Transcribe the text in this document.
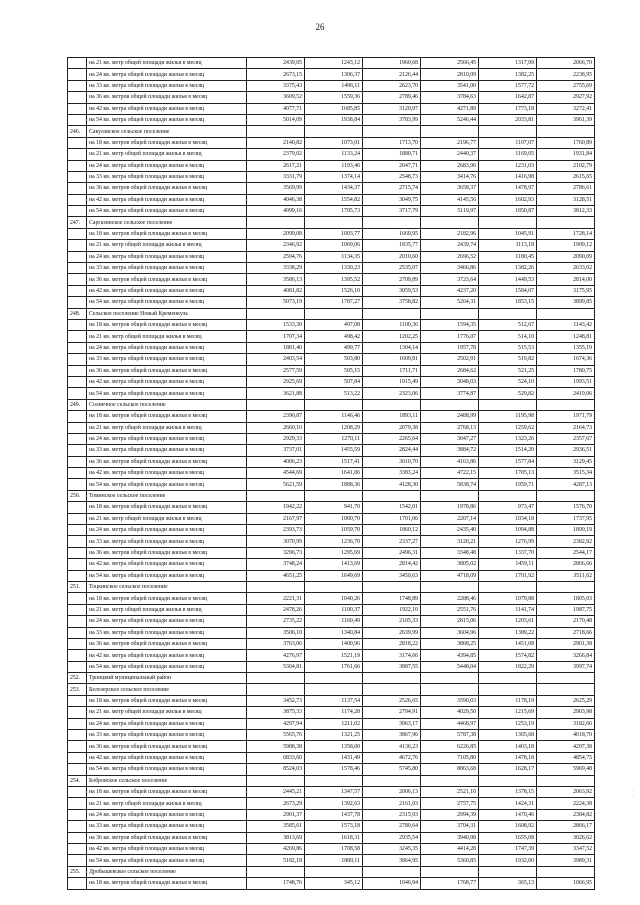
26
	на 21 кв. метр общей площади жилья в месяц	2439,05	1243,12	1960,68	2566,45	1317,09	2066,70
	на 24 кв. метра общей площади жилья в месяц	2673,15	1306,37	2126,44	2810,09	1382,25	2238,95
	на 33 кв. метра общей площади жилья в месяц	3375,43	1496,11	2623,70	3541,00	1577,72	2755,69
	на 36 кв. метров общей площади жилья в месяц	3609,52	1559,36	2789,46	3784,63	1642,87	2927,92
	на 42 кв. метра общей площади жилья в месяц	4077,71	1685,85	3120,97	4271,89	1773,18	3272,41
	на 54 кв. метра общей площади жилья в месяц	5014,09	1938,84	3783,99	5246,44	2033,81	3961,39
246.	Сакулэвское сельское поселение						
	на 18 кв. метров общей площади жилья в месяц	2140,82	1073,01	1713,70	2196,77	1107,07	1760,89
	на 21 кв. метр общей площади жилья в месяц	2379,02	1133,24	1880,71	2440,37	1169,05	1931,84
	на 24 кв. метра общей площади жилья в месяц	2617,21	1193,46	2047,71	2683,96	1231,03	2102,79
	на 33 кв. метра общей площади жилья в месяц	3331,79	1374,14	2548,73	3414,76	1416,98	2615,65
	на 36 кв. метров общей площади жилья в месяц	3569,99	1434,37	2715,74	3658,37	1478,97	2786,61
	на 42 кв. метра общей площади жилья в месяц	4046,38	1554,82	3049,75	4145,56	1602,93	3128,51
	на 54 кв. метра общей площади жилья в месяц	4999,16	1795,73	3717,79	5119,97	1850,87	3812,33
247.	Саргазинское сельское поселение						
	на 18 кв. метров общей площади жилья в месяц	2099,08	1003,77	1660,95	2182,96	1045,91	1728,14
	на 21 кв. метр общей площади жилья в месяц	2346,92	1069,06	1835,77	2439,74	1113,18	1909,12
	на 24 кв. метра общей площади жилья в месяц	2594,76	1134,35	2010,60	2696,52	1180,45	2090,09
	на 33 кв. метра общей площади жилья в месяц	3338,29	1330,23	2535,07	3466,86	1382,26	2633,02
	на 36 кв. метров общей площади жилья в месяц	3586,13	1395,52	2709,89	3723,64	1449,53	2814,00
	на 42 кв. метра общей площади жилья в месяц	4081,82	1526,10	3059,53	4237,20	1584,07	3175,95
	на 54 кв. метра общей площади жилья в месяц	5073,19	1787,27	3758,82	5264,31	1853,15	3899,85
248.	Сельское поселение Новый Кременкуль						
	на 18 кв. метров общей площади жилья в месяц	1533,30	497,08	1100,36	1594,35	512,67	1143,42
	на 21 кв. метр общей площади жилья в месяц	1707,34	498,42	1202,25	1776,07	514,10	1248,81
	на 24 кв. метра общей площади жилья в месяц	1881,40	499,77	1304,14	1957,78	515,53	1355,19
	на 33 кв. метра общей площади жилья в месяц	2403,54	503,80	1609,81	2502,91	519,82	1674,36
	на 36 кв. метров общей площади жилья в месяц	2577,59	505,15	1711,71	2684,62	521,25	1780,75
	на 42 кв. метра общей площади жилья в месяц	2925,69	507,84	1915,49	3048,03	524,10	1993,51
	на 54 кв. метра общей площади жилья в месяц	3621,88	513,22	2323,06	3774,87	529,82	2419,06
249.	Солнечное сельское поселение						
	на 18 кв. метров общей площади жилья в месяц	2390,87	1146,46	1893,11	2488,99	1195,98	1971,79
	на 21 кв. метр общей площади жилья в месяц	2660,10	1208,29	2079,38	2768,13	1259,62	2164,73
	на 24 кв. метра общей площади жилья в месяц	2929,33	1270,11	2265,64	3047,27	1323,26	2357,67
	на 33 кв. метра общей площади жилья в месяц	3737,01	1455,59	2824,44	3884,72	1514,20	2936,51
	на 36 кв. метров общей площади жилья в месяц	4006,23	1517,41	3010,70	4163,86	1577,84	3129,45
	на 42 кв. метра общей площади жилья в месяц	4544,69	1641,06	3383,24	4722,15	1705,13	3515,34
	на 54 кв. метра общей площади жилья в месяц	5621,59	1888,36	4128,30	5838,74	1959,71	4287,13
250.	Томинское сельское поселение						
	на 18 кв. метров общей площади жилья в месяц	1942,22	941,70	1542,01	1978,86	973,47	1576,70
	на 21 кв. метр общей площади жилья в месяц	2167,97	1000,70	1701,06	2207,14	1034,18	1737,95
	на 24 кв. метра общей площади жилья в месяц	2393,73	1059,70	1860,12	2435,40	1094,88	1899,19
	на 33 кв. метра общей площади жилья в месяц	3070,99	1236,70	2337,27	3120,21	1276,99	2382,92
	на 36 кв. метров общей площади жилья в месяц	3296,73	1295,69	2496,31	3348,48	1337,70	2544,17
	на 42 кв. метра общей площади жилья в месяц	3748,24	1413,69	2814,42	3805,02	1459,11	2866,66
	на 54 кв. метра общей площади жилья в месяц	4651,25	1649,69	3450,63	4718,09	1701,92	3511,62
251.	Тоцкинское сельское поселение						
	на 18 кв. метров общей площади жилья в месяц	2221,31	1040,26	1748,89	2288,46	1079,88	1805,03
	на 21 кв. метр общей площади жилья в месяц	2478,26	1100,37	1922,10	2551,76	1141,74	1987,75
	на 24 кв. метра общей площади жилья в месяц	2735,22	1160,49	2105,33	2815,06	1203,61	2170,48
	на 33 кв. метра общей площади жилья в месяц	3506,10	1340,84	2639,99	3604,96	1389,22	2718,66
	на 36 кв. метров общей площади жилья в месяц	3763,06	1400,96	2818,22	3868,25	1451,08	2901,38
	на 42 кв. метра общей площади жилья в месяц	4276,97	1521,19	3174,66	4394,85	1574,82	3266,84
	на 54 кв. метра общей площади жилья в месяц	5304,81	1761,66	3887,55	5448,04	1822,29	3997,74
252.	Троицкий муниципальный район						
253.	Белозерское сельское поселение						
	на 18 кв. метров общей площади жилья в месяц	3452,73	1137,54	2526,65	3590,03	1178,19	2625,29
	на 21 кв. метр общей площади жилья в месяц	3875,33	1174,28	2794,91	4029,50	1215,69	2903,98
	на 24 кв. метра общей площади жилья в месяц	4297,94	1211,02	3063,17	4468,97	1253,19	3182,66
	на 33 кв. метра общей площади жилья в месяц	5565,76	1321,25	3867,96	5787,38	1365,68	4018,70
	на 36 кв. метров общей площади жилья в месяц	5988,38	1358,00	4136,23	6226,85	1403,18	4297,38
	на 42 кв. метра общей площади жилья в месяц	6833,60	1431,49	4672,76	7105,80	1478,18	4854,75
	на 54 кв. метра общей площади жилья в месяц	8524,03	1578,46	5745,80	8863,68	1628,17	5969,48
254.	Бобровское сельское поселение						
	на 18 кв. метров общей площади жилья в месяц	2445,21	1347,57	2006,13	2521,10	1378,15	2063,92
	на 21 кв. метр общей площади жилья в месяц	2673,29	1392,63	2161,03	2757,75	1424,31	2224,38
	на 24 кв. метра общей площади жилья в месяц	2901,37	1437,78	2315,93	2994,39	1470,46	2384,82
	на 33 кв. метра общей площади жилья в месяц	3585,61	1573,18	2780,64	3704,31	1608,92	2866,17
	на 36 кв. метров общей площади жилья в месяц	3813,69	1618,31	2935,54	3940,98	1655,08	3026,62
	на 42 кв. метра общей площади жилья в месяц	4269,86	1708,58	3245,35	4414,28	1747,39	3347,52
	на 54 кв. метра общей площади жилья в месяц	5182,18	1889,11	3864,95	5360,85	1932,00	3989,31
255.	Дробышевское сельское поселение						
	на 18 кв. метров общей площади жилья в месяц	1748,76	345,12	1046,94	1768,77	365,13	1066,95
·
·
